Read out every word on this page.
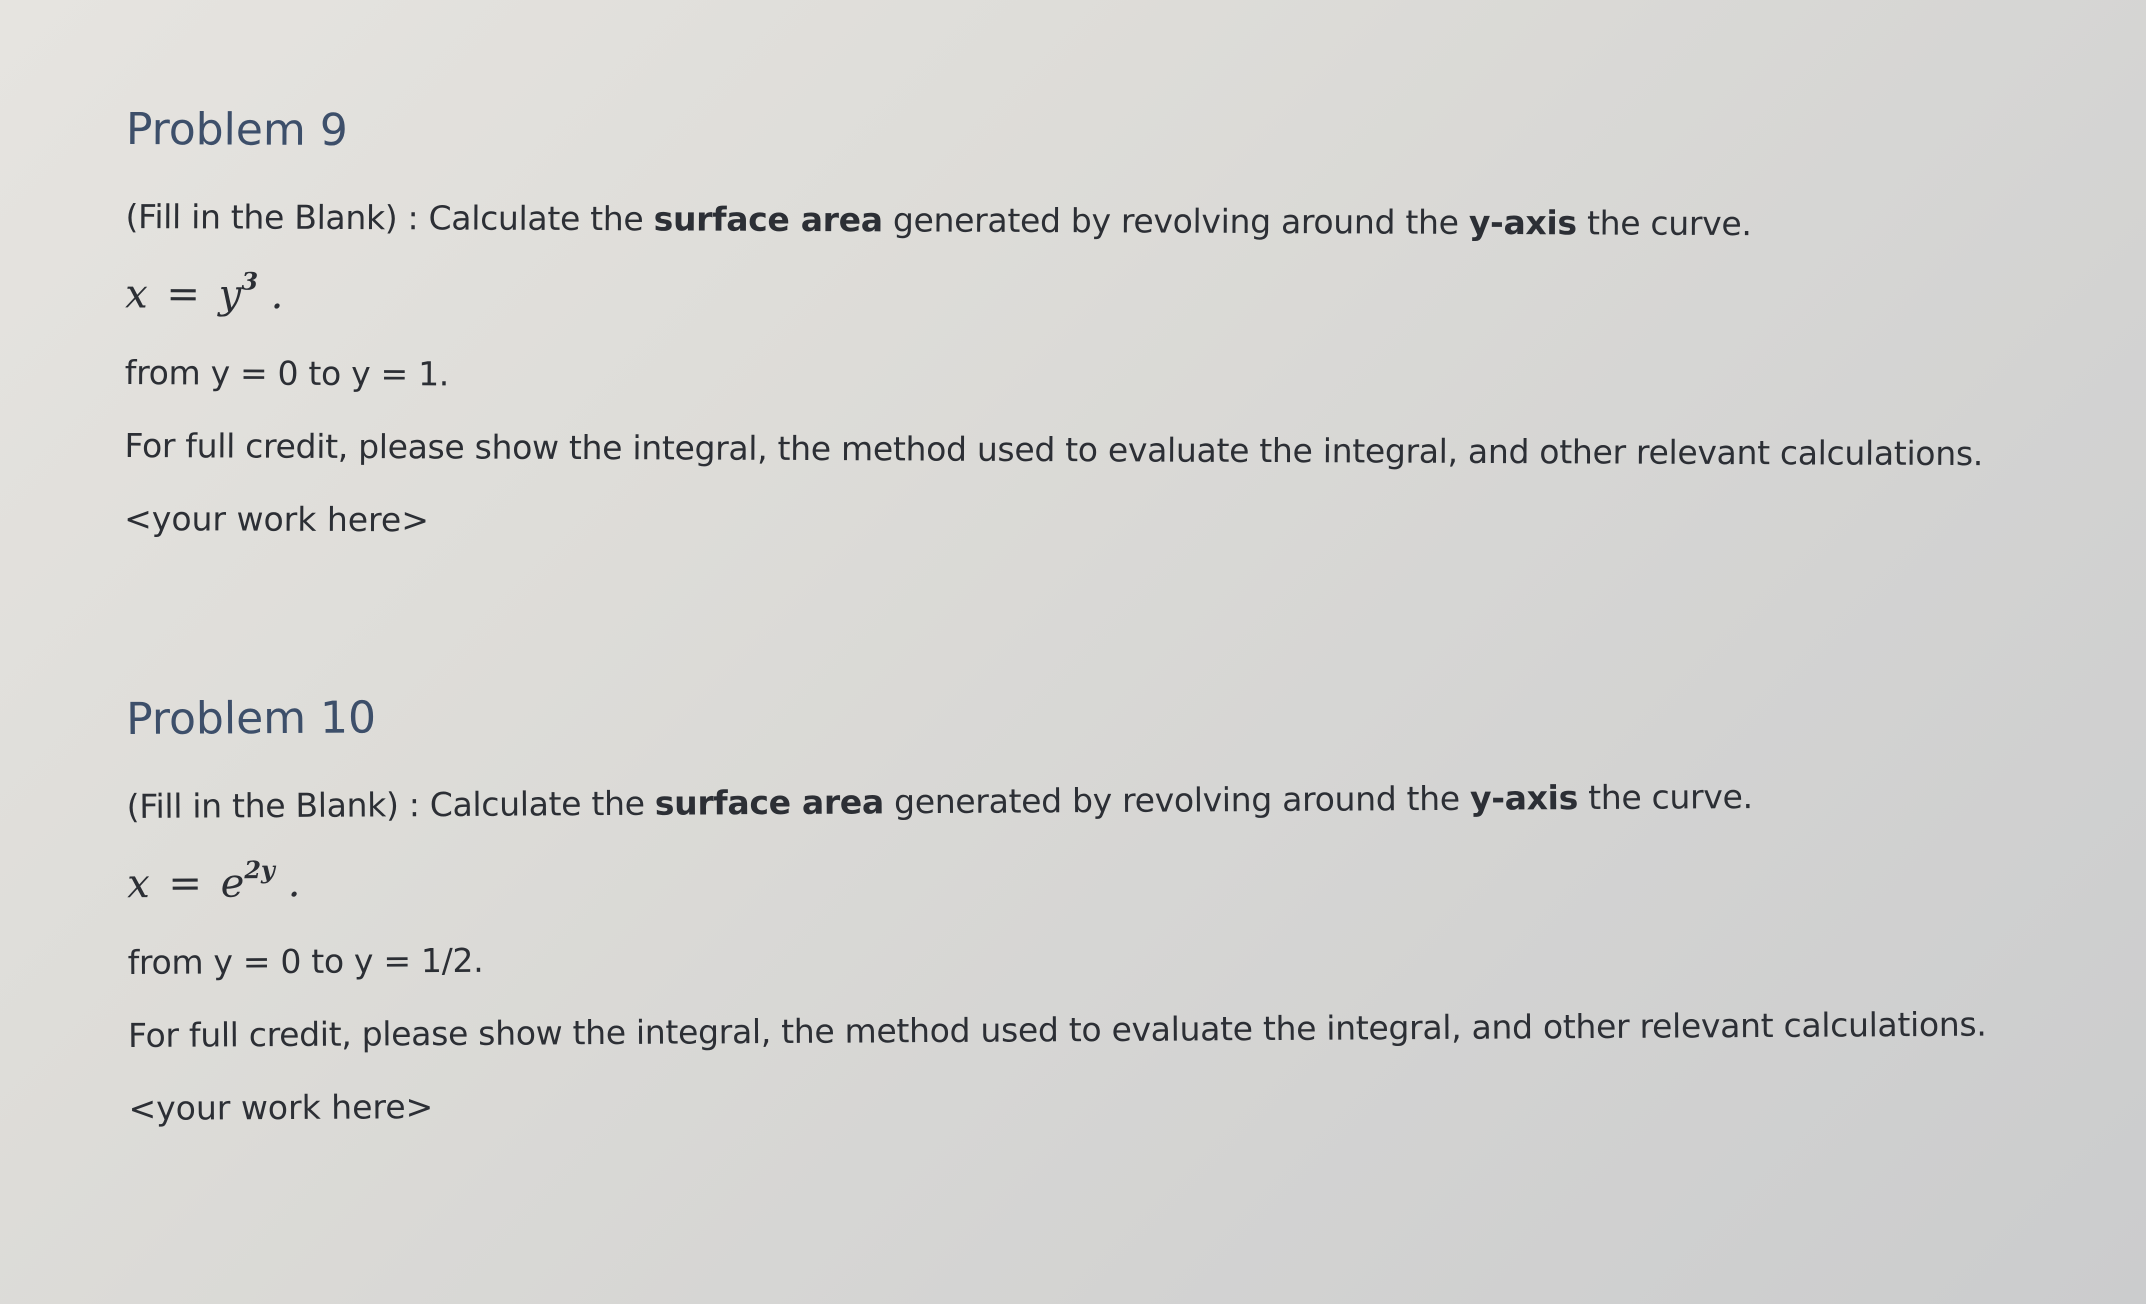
Problem 9

(Fill in the Blank) : Calculate the surface area generated by revolving around the y-axis the curve.

$x = y^3$ .

from y = 0 to y = 1.

For full credit, please show the integral, the method used to evaluate the integral, and other relevant calculations.

<your work here>

Problem 10

(Fill in the Blank) : Calculate the surface area generated by revolving around the y-axis the curve.

$x = e^{2y}$ .

from y = 0 to y = 1/2.

For full credit, please show the integral, the method used to evaluate the integral, and other relevant calculations.

<your work here>
